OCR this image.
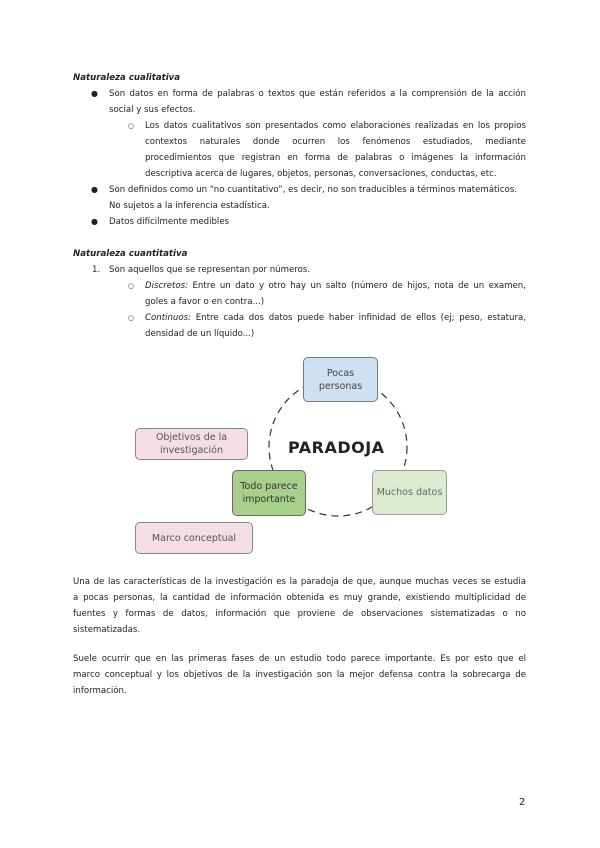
Naturaleza cualitativa
● Son datos en forma de palabras o textos que están referidos a la comprensión de la acción
social y sus efectos.
○ Los datos cualitativos son presentados como elaboraciones realizadas en los propios
contextos naturales donde ocurren los fenómenos estudiados, mediante
procedimientos que registran en forma de palabras o imágenes la información
descriptiva acerca de lugares, objetos, personas, conversaciones, conductas, etc.
● Son definidos como un “no cuantitativo”, es decir, no son traducibles a términos matemáticos.
No sujetos a la inferencia estadística.
● Datos difícilmente medibles
Naturaleza cuantitativa
1. Son aquellos que se representan por números.
○ Discretos: Entre un dato y otro hay un salto (número de hijos, nota de un examen,
goles a favor o en contra...)
○ Continuos: Entre cada dos datos puede haber infinidad de ellos (ej; peso, estatura,
densidad de un líquido...)
PARADOJA
Pocas personas
Objetivos de la investigación
Todo parece importante
Muchos datos
Marco conceptual
Una de las características de la investigación es la paradoja de que, aunque muchas veces se estudia
a pocas personas, la cantidad de información obtenida es muy grande, existiendo multiplicidad de
fuentes y formas de datos, información que proviene de observaciones sistematizadas o no
sistematizadas.
Suele ocurrir que en las primeras fases de un estudio todo parece importante. Es por esto que el
marco conceptual y los objetivos de la investigación son la mejor defensa contra la sobrecarga de
información.
2
